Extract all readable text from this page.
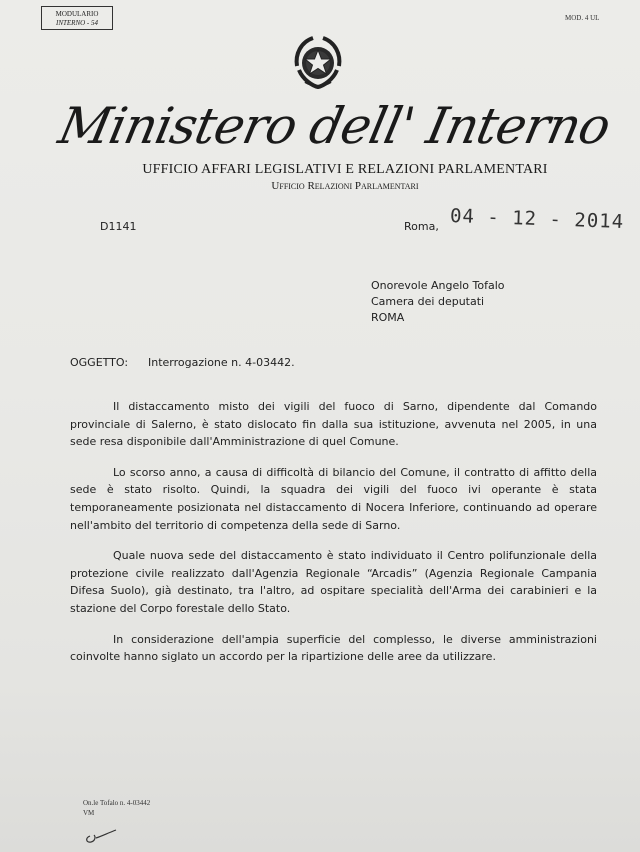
MODULARIO
INTERNO - 54
MOD. 4 UL
Ministero dell' Interno
UFFICIO AFFARI LEGISLATIVI E RELAZIONI PARLAMENTARI
Ufficio Relazioni Parlamentari
D1141	Roma, 04 - 12 - 2014
Onorevole Angelo Tofalo
Camera dei deputati
ROMA
OGGETTO: Interrogazione n. 4-03442.

Il distaccamento misto dei vigili del fuoco di Sarno, dipendente dal Comando provinciale di Salerno, è stato dislocato fin dalla sua istituzione, avvenuta nel 2005, in una sede resa disponibile dall'Amministrazione di quel Comune.

Lo scorso anno, a causa di difficoltà di bilancio del Comune, il contratto di affitto della sede è stato risolto. Quindi, la squadra dei vigili del fuoco ivi operante è stata temporaneamente posizionata nel distaccamento di Nocera Inferiore, continuando ad operare nell'ambito del territorio di competenza della sede di Sarno.

Quale nuova sede del distaccamento è stato individuato il Centro polifunzionale della protezione civile realizzato dall'Agenzia Regionale “Arcadis” (Agenzia Regionale Campania Difesa Suolo), già destinato, tra l'altro, ad ospitare specialità dell'Arma dei carabinieri e la stazione del Corpo forestale dello Stato.

In considerazione dell'ampia superficie del complesso, le diverse amministrazioni coinvolte hanno siglato un accordo per la ripartizione delle aree da utilizzare.

On.le Tofalo n. 4-03442
VM
